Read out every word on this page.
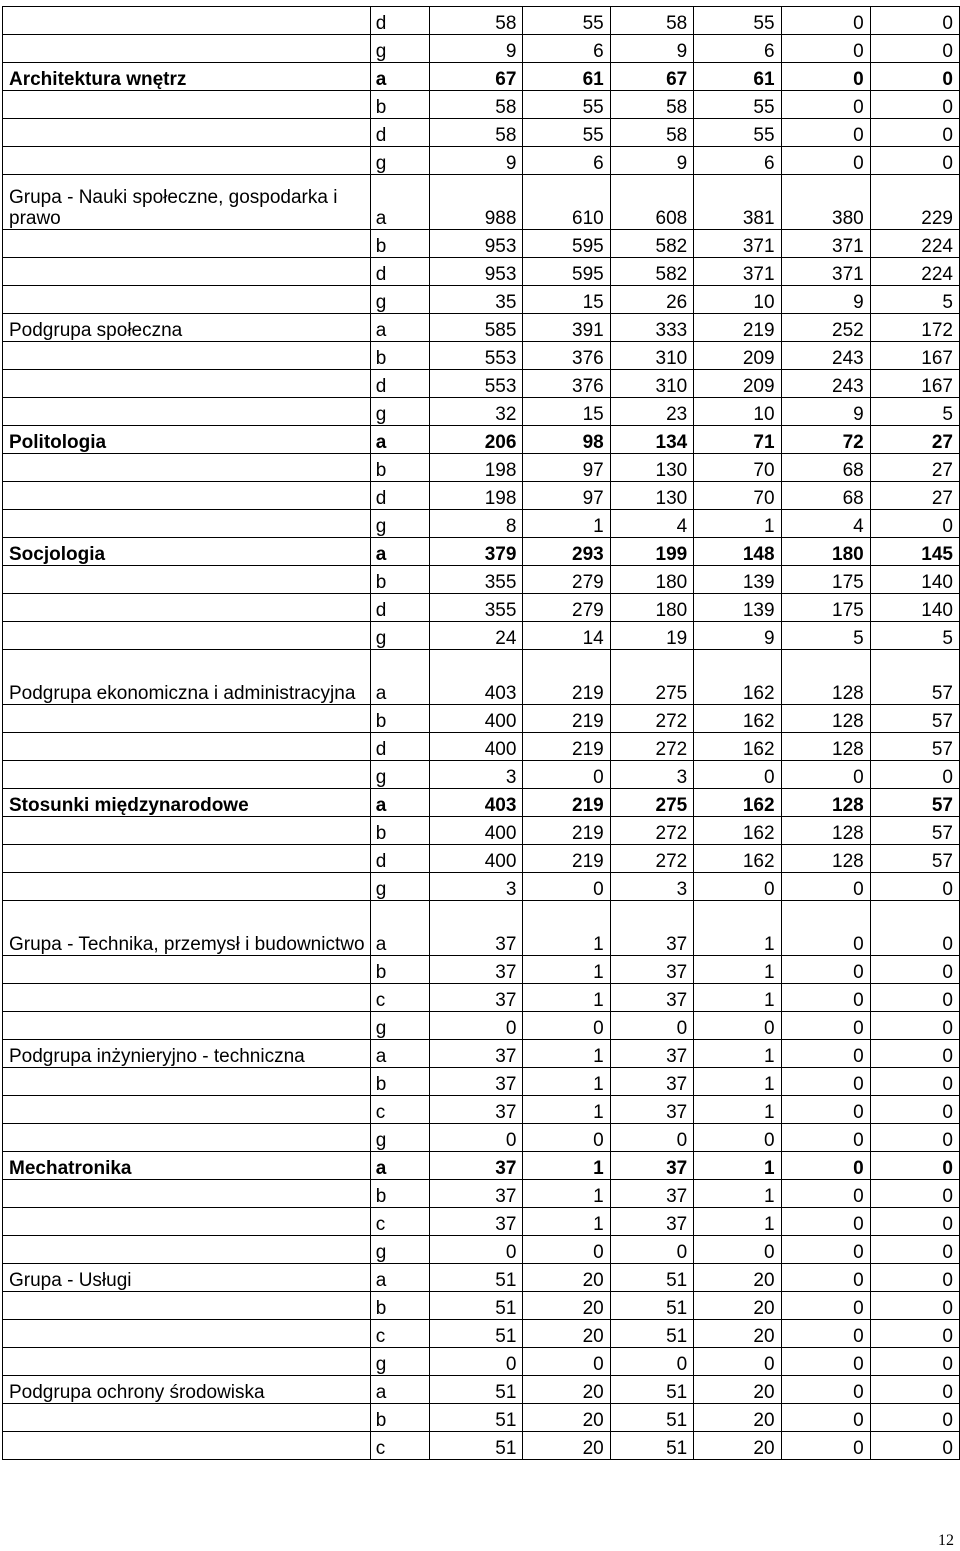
	d	58	55	58	55	0	0
	g	9	6	9	6	0	0
Architektura wnętrz	a	67	61	67	61	0	0
	b	58	55	58	55	0	0
	d	58	55	58	55	0	0
	g	9	6	9	6	0	0
Grupa - Nauki społeczne, gospodarka i prawo	a	988	610	608	381	380	229
	b	953	595	582	371	371	224
	d	953	595	582	371	371	224
	g	35	15	26	10	9	5
Podgrupa społeczna	a	585	391	333	219	252	172
	b	553	376	310	209	243	167
	d	553	376	310	209	243	167
	g	32	15	23	10	9	5
Politologia	a	206	98	134	71	72	27
	b	198	97	130	70	68	27
	d	198	97	130	70	68	27
	g	8	1	4	1	4	0
Socjologia	a	379	293	199	148	180	145
	b	355	279	180	139	175	140
	d	355	279	180	139	175	140
	g	24	14	19	9	5	5
Podgrupa ekonomiczna i administracyjna	a	403	219	275	162	128	57
	b	400	219	272	162	128	57
	d	400	219	272	162	128	57
	g	3	0	3	0	0	0
Stosunki międzynarodowe	a	403	219	275	162	128	57
	b	400	219	272	162	128	57
	d	400	219	272	162	128	57
	g	3	0	3	0	0	0
Grupa - Technika, przemysł i budownictwo	a	37	1	37	1	0	0
	b	37	1	37	1	0	0
	c	37	1	37	1	0	0
	g	0	0	0	0	0	0
Podgrupa inżynieryjno - techniczna	a	37	1	37	1	0	0
	b	37	1	37	1	0	0
	c	37	1	37	1	0	0
	g	0	0	0	0	0	0
Mechatronika	a	37	1	37	1	0	0
	b	37	1	37	1	0	0
	c	37	1	37	1	0	0
	g	0	0	0	0	0	0
Grupa - Usługi	a	51	20	51	20	0	0
	b	51	20	51	20	0	0
	c	51	20	51	20	0	0
	g	0	0	0	0	0	0
Podgrupa ochrony środowiska	a	51	20	51	20	0	0
	b	51	20	51	20	0	0
	c	51	20	51	20	0	0
12
